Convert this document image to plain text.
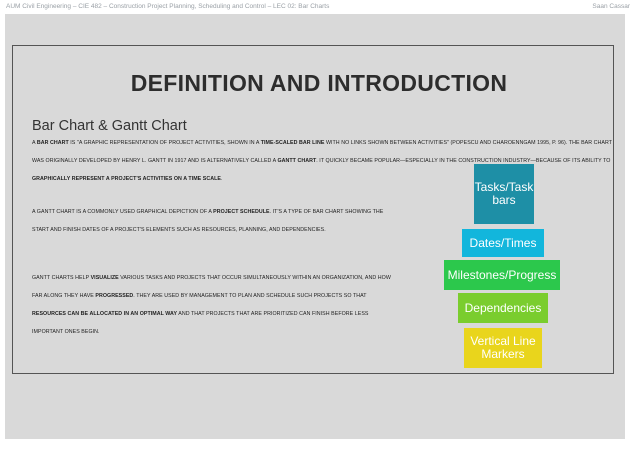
AUM Civil Engineering – CIE 482 – Construction Project Planning, Scheduling and Control – LEC 02: Bar Charts	Saan Cassar
DEFINITION AND INTRODUCTION
Bar Chart & Gantt Chart
A BAR CHART IS "A GRAPHIC REPRESENTATION OF PROJECT ACTIVITIES, SHOWN IN A TIME-SCALED BAR LINE WITH NO LINKS SHOWN BETWEEN ACTIVITIES" (POPESCU AND CHAROENNGAM 1995, P. 96). THE BAR CHART WAS ORIGINALLY DEVELOPED BY HENRY L. GANTT IN 1917 AND IS ALTERNATIVELY CALLED A GANTT CHART. IT QUICKLY BECAME POPULAR—ESPECIALLY IN THE CONSTRUCTION INDUSTRY—BECAUSE OF ITS ABILITY TO GRAPHICALLY REPRESENT A PROJECT'S ACTIVITIES ON A TIME SCALE.
A GANTT CHART IS A COMMONLY USED GRAPHICAL DEPICTION OF A PROJECT SCHEDULE. IT'S A TYPE OF BAR CHART SHOWING THE START AND FINISH DATES OF A PROJECT'S ELEMENTS SUCH AS RESOURCES, PLANNING, AND DEPENDENCIES.
GANTT CHARTS HELP VISUALIZE VARIOUS TASKS AND PROJECTS THAT OCCUR SIMULTANEOUSLY WITHIN AN ORGANIZATION, AND HOW FAR ALONG THEY HAVE PROGRESSED. THEY ARE USED BY MANAGEMENT TO PLAN AND SCHEDULE SUCH PROJECTS SO THAT RESOURCES CAN BE ALLOCATED IN AN OPTIMAL WAY AND THAT PROJECTS THAT ARE PRIORITIZED CAN FINISH BEFORE LESS IMPORTANT ONES BEGIN.
Tasks/Task bars
Dates/Times
Milestones/Progress
Dependencies
Vertical Line Markers
